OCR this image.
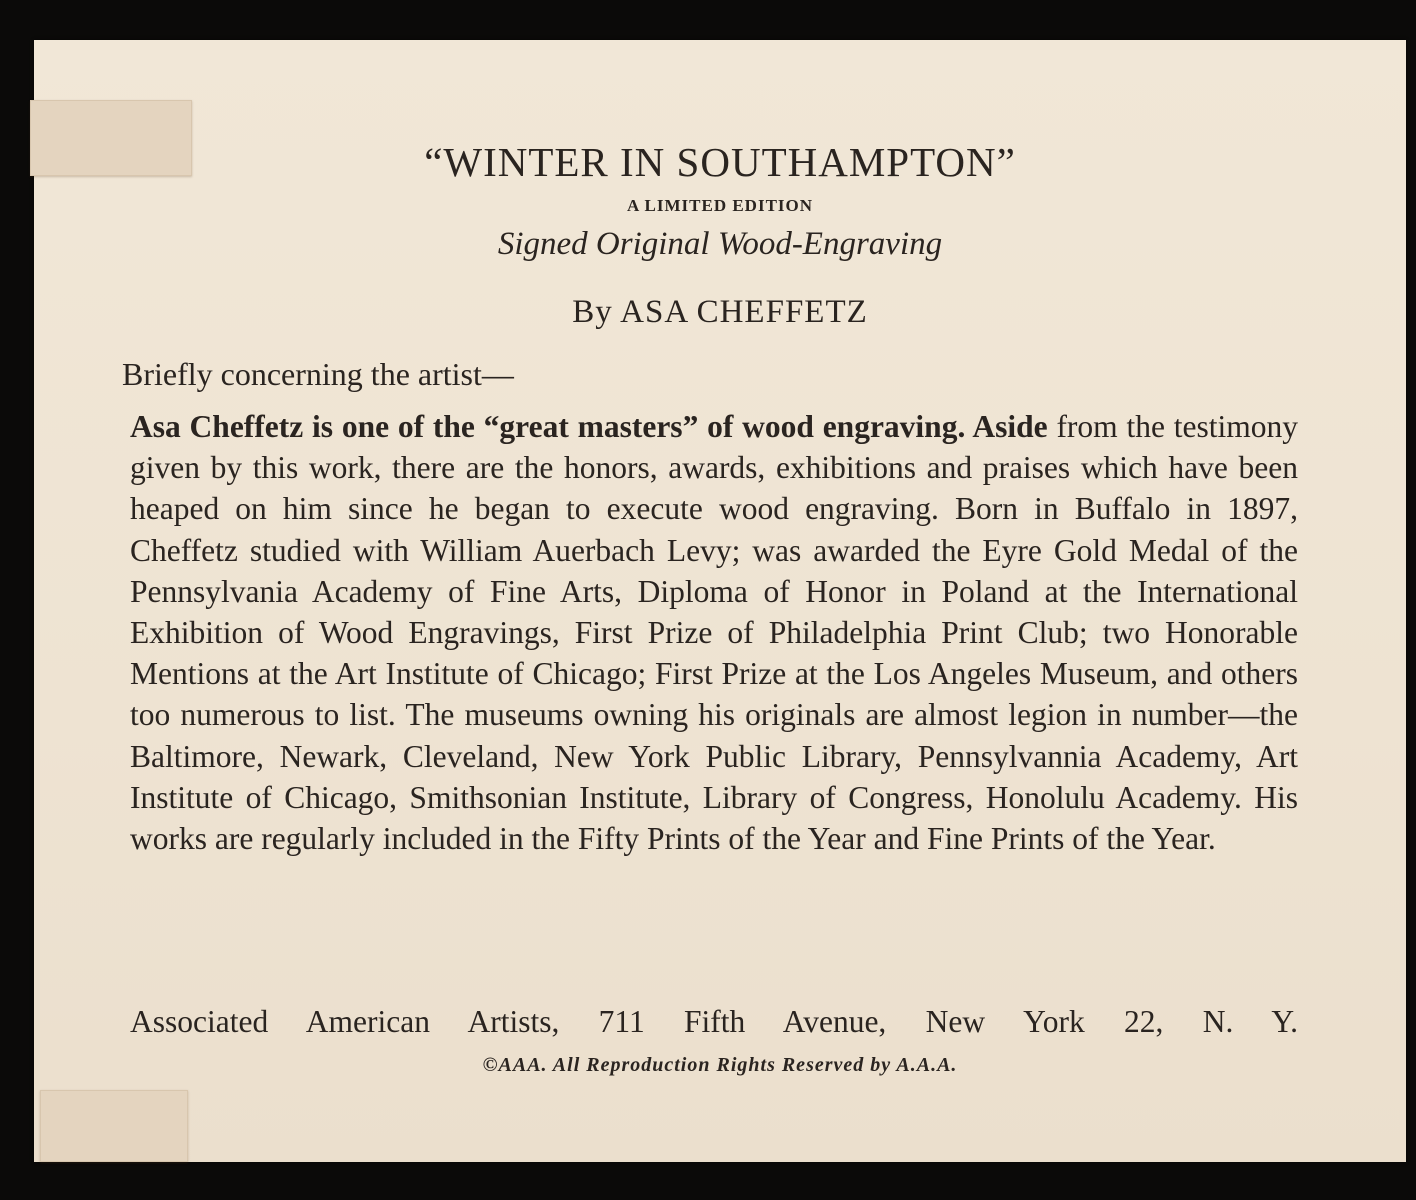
“WINTER IN SOUTHAMPTON”
A LIMITED EDITION
Signed Original Wood-Engraving
By ASA CHEFFETZ
Briefly concerning the artist—
Asa Cheffetz is one of the “great masters” of wood engraving. Aside from the testimony given by this work, there are the honors, awards, exhibitions and praises which have been heaped on him since he began to execute wood engraving. Born in Buffalo in 1897, Cheffetz studied with William Auerbach Levy; was awarded the Eyre Gold Medal of the Pennsylvania Academy of Fine Arts, Diploma of Honor in Poland at the International Exhibition of Wood Engravings, First Prize of Philadelphia Print Club; two Honorable Mentions at the Art Institute of Chicago; First Prize at the Los Angeles Museum, and others too numerous to list. The museums owning his originals are almost legion in number—the Baltimore, Newark, Cleveland, New York Public Library, Pennsylvannia Academy, Art Institute of Chicago, Smithsonian Institute, Library of Congress, Honolulu Academy. His works are regularly included in the Fifty Prints of the Year and Fine Prints of the Year.
Associated American Artists, 711 Fifth Avenue, New York 22, N. Y.
©AAA. All Reproduction Rights Reserved by A.A.A.
